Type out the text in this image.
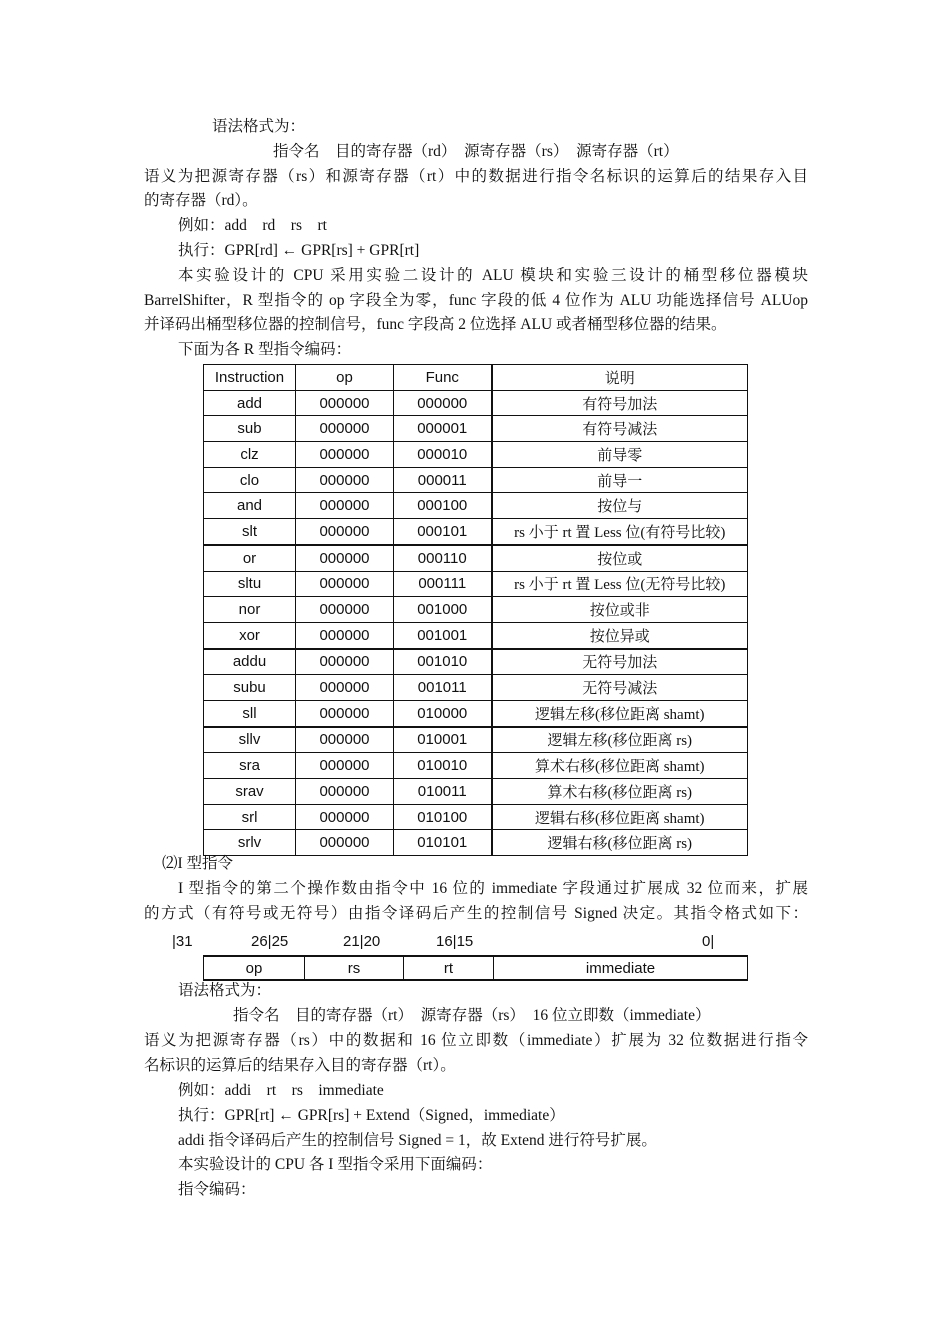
语法格式为：
指令名　目的寄存器（rd）　源寄存器（rs）　源寄存器（rt）
语义为把源寄存器（rs）和源寄存器（rt）中的数据进行指令名标识的运算后的结果存入目
的寄存器（rd）。
例如：add　rd　rs　rt
执行：GPR[rd] ← GPR[rs] + GPR[rt]
本实验设计的 CPU 采用实验二设计的 ALU 模块和实验三设计的桶型移位器模块
BarrelShifter，R 型指令的 op 字段全为零，func 字段的低 4 位作为 ALU 功能选择信号 ALUop
并译码出桶型移位器的控制信号，func 字段高 2 位选择 ALU 或者桶型移位器的结果。
下面为各 R 型指令编码：
Instruction	op	Func	说明
add	000000	000000	有符号加法
sub	000000	000001	有符号减法
clz	000000	000010	前导零
clo	000000	000011	前导一
and	000000	000100	按位与
slt	000000	000101	rs 小于 rt 置 Less 位(有符号比较)
or	000000	000110	按位或
sltu	000000	000111	rs 小于 rt 置 Less 位(无符号比较)
nor	000000	001000	按位或非
xor	000000	001001	按位异或
addu	000000	001010	无符号加法
subu	000000	001011	无符号减法
sll	000000	010000	逻辑左移(移位距离 shamt)
sllv	000000	010001	逻辑左移(移位距离 rs)
sra	000000	010010	算术右移(移位距离 shamt)
srav	000000	010011	算术右移(移位距离 rs)
srl	000000	010100	逻辑右移(移位距离 shamt)
srlv	000000	010101	逻辑右移(移位距离 rs)
⑵I 型指令
I 型指令的第二个操作数由指令中 16 位的 immediate 字段通过扩展成 32 位而来，扩展
的方式（有符号或无符号）由指令译码后产生的控制信号 Signed 决定。其指令格式如下：
|31	26|25	21|20	16|15	0|
op	rs	rt	immediate
语法格式为：
指令名　目的寄存器（rt）　源寄存器（rs）　16 位立即数（immediate）
语义为把源寄存器（rs）中的数据和 16 位立即数（immediate）扩展为 32 位数据进行指令
名标识的运算后的结果存入目的寄存器（rt）。
例如：addi　rt　rs　immediate
执行：GPR[rt] ← GPR[rs] + Extend（Signed，immediate）
addi 指令译码后产生的控制信号 Signed = 1，故 Extend 进行符号扩展。
本实验设计的 CPU 各 I 型指令采用下面编码：
指令编码：
